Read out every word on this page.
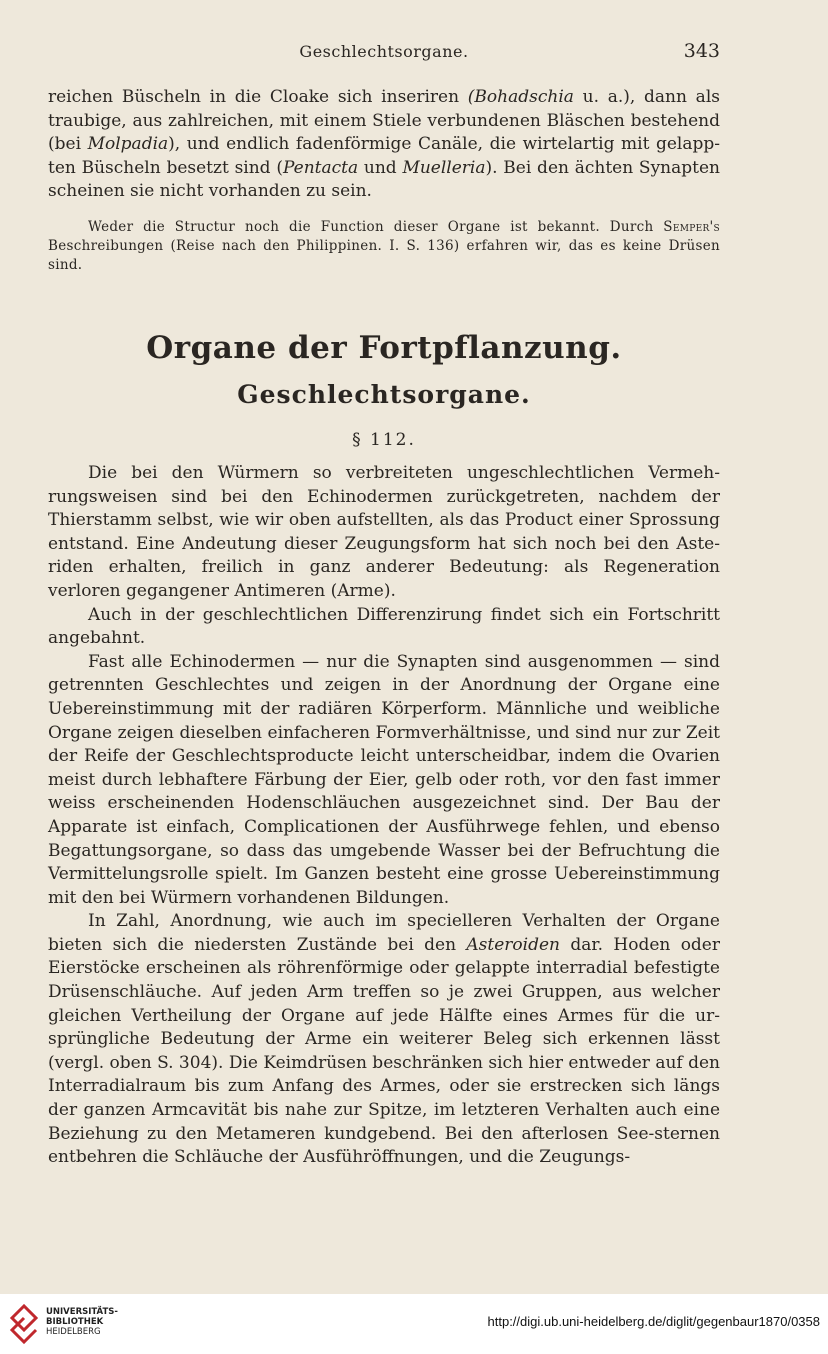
Geschlechtsorgane.	343

reichen Büscheln in die Cloake sich inseriren (Bohadschia u. a.), dann als traubige, aus zahlreichen, mit einem Stiele verbundenen Bläschen bestehend (bei Molpadia), und endlich fadenförmige Canäle, die wirtelartig mit gelapp-ten Büscheln besetzt sind (Pentacta und Muelleria). Bei den ächten Synapten scheinen sie nicht vorhanden zu sein.

Weder die Structur noch die Function dieser Organe ist bekannt. Durch Semper's Beschreibungen (Reise nach den Philippinen. I. S. 136) erfahren wir, das es keine Drüsen sind.

Organe der Fortpflanzung.
Geschlechtsorgane.
§ 112.

Die bei den Würmern so verbreiteten ungeschlechtlichen Vermeh-rungsweisen sind bei den Echinodermen zurückgetreten, nachdem der Thierstamm selbst, wie wir oben aufstellten, als das Product einer Sprossung entstand. Eine Andeutung dieser Zeugungsform hat sich noch bei den Aste-riden erhalten, freilich in ganz anderer Bedeutung: als Regeneration verloren gegangener Antimeren (Arme).

Auch in der geschlechtlichen Differenzirung findet sich ein Fortschritt angebahnt.

Fast alle Echinodermen — nur die Synapten sind ausgenommen — sind getrennten Geschlechtes und zeigen in der Anordnung der Organe eine Uebereinstimmung mit der radiären Körperform. Männliche und weibliche Organe zeigen dieselben einfacheren Formverhältnisse, und sind nur zur Zeit der Reife der Geschlechtsproducte leicht unterscheidbar, indem die Ovarien meist durch lebhaftere Färbung der Eier, gelb oder roth, vor den fast immer weiss erscheinenden Hodenschläuchen ausgezeichnet sind. Der Bau der Apparate ist einfach, Complicationen der Ausführwege fehlen, und ebenso Begattungsorgane, so dass das umgebende Wasser bei der Befruchtung die Vermittelungsrolle spielt. Im Ganzen besteht eine grosse Uebereinstimmung mit den bei Würmern vorhandenen Bildungen.

In Zahl, Anordnung, wie auch im specielleren Verhalten der Organe bieten sich die niedersten Zustände bei den Asteroiden dar. Hoden oder Eierstöcke erscheinen als röhrenförmige oder gelappte interradial befestigte Drüsenschläuche. Auf jeden Arm treffen so je zwei Gruppen, aus welcher gleichen Vertheilung der Organe auf jede Hälfte eines Armes für die ur-sprüngliche Bedeutung der Arme ein weiterer Beleg sich erkennen lässt (vergl. oben S. 304). Die Keimdrüsen beschränken sich hier entweder auf den Interradialraum bis zum Anfang des Armes, oder sie erstrecken sich längs der ganzen Armcavität bis nahe zur Spitze, im letzteren Verhalten auch eine Beziehung zu den Metameren kundgebend. Bei den afterlosen See-sternen entbehren die Schläuche der Ausführöffnungen, und die Zeugungs-

UNIVERSITÄTS-
BIBLIOTHEK
HEIDELBERG
http://digi.ub.uni-heidelberg.de/diglit/gegenbaur1870/0358
